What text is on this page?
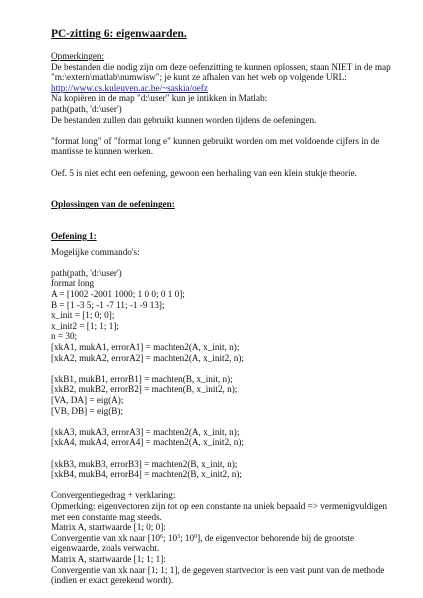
PC-zitting 6: eigenwaarden.
Opmerkingen:
De bestanden die nodig zijn om deze oefenzitting te kunnen oplossen, staan NIET in de map "m:\extern\matlab\numwisw"; je kunt ze afhalen van het web op volgende URL:
http://www.cs.kuleuven.ac.be/~saskia/oefz
Na kopiëren in de map "d:\user" kun je intikken in Matlab:
path(path, 'd:\user')
De bestanden zullen dan gebruikt kunnen worden tijdens de oefeningen.
"format long" of "format long e" kunnen gebruikt worden om met voldoende cijfers in de mantisse te kunnen werken.
Oef. 5 is niet echt een oefening, gewoon een herhaling van een klein stukje theorie.
Oplossingen van de oefeningen:
Oefening 1:
Mogelijke commando's:
path(path, 'd:\user')
format long
A = [1002 -2001 1000; 1 0 0; 0 1 0];
B = [1 -3 5; -1 -7 11; -1 -9 13];
x_init = [1; 0; 0];
x_init2 = [1; 1; 1];
n = 30;
[xkA1, mukA1, errorA1] = machten2(A, x_init, n);
[xkA2, mukA2, errorA2] = machten2(A, x_init2, n);
[xkB1, mukB1, errorB1] = machten(B, x_init, n);
[xkB2, mukB2, errorB2] = machten(B, x_init2, n);
[VA, DA] = eig(A);
[VB, DB] = eig(B);
[xkA3, mukA3, errorA3] = machten2(A, x_init, n);
[xkA4, mukA4, errorA4] = machten2(A, x_init2, n);
[xkB3, mukB3, errorB3] = machten2(B, x_init, n);
[xkB4, mukB4, errorB4] = machten2(B, x_init2, n);
Convergentiegedrag + verklaring:
Opmerking: eigenvectoren zijn tot op een constante na uniek bepaald => vermenigvuldigen met een constante mag steeds.
Matrix A, startwaarde [1; 0; 0]:
Convergentie van xk naar [$10^6$; $10^3$; $10^0$], de eigenvector behorende bij de grootste eigenwaarde, zoals verwacht.
Matrix A, startwaarde [1; 1; 1]:
Convergentie van xk naar [1; 1; 1], de gegeven startvector is een vast punt van de methode (indien er exact gerekend wordt).
